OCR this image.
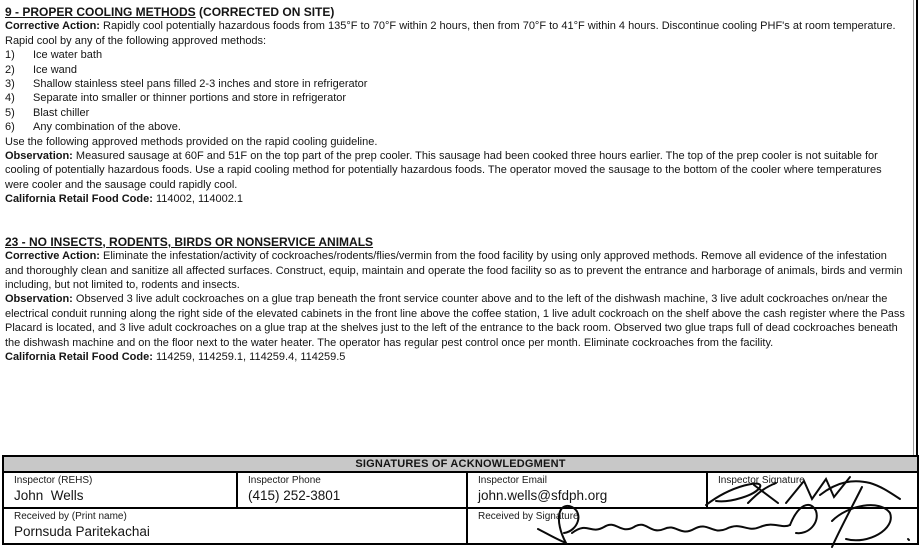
9 - PROPER COOLING METHODS (CORRECTED ON SITE)
Corrective Action: Rapidly cool potentially hazardous foods from 135°F to 70°F within 2 hours, then from 70°F to 41°F within 4 hours. Discontinue cooling PHF's at room temperature.
Rapid cool by any of the following approved methods:
1)	Ice water bath
2)	Ice wand
3)	Shallow stainless steel pans filled 2-3 inches and store in refrigerator
4)	Separate into smaller or thinner portions and store in refrigerator
5)	Blast chiller
6)	Any combination of the above.
Use the following approved methods provided on the rapid cooling guideline.
Observation: Measured sausage at 60F and 51F on the top part of the prep cooler. This sausage had been cooked three hours earlier. The top of the prep cooler is not suitable for cooling of potentially hazardous foods. Use a rapid cooling method for potentially hazardous foods. The operator moved the sausage to the bottom of the cooler where temperatures were cooler and the sausage could rapidly cool.
California Retail Food Code: 114002, 114002.1
23 - NO INSECTS, RODENTS, BIRDS OR NONSERVICE ANIMALS
Corrective Action: Eliminate the infestation/activity of cockroaches/rodents/flies/vermin from the food facility by using only approved methods. Remove all evidence of the infestation and thoroughly clean and sanitize all affected surfaces. Construct, equip, maintain and operate the food facility so as to prevent the entrance and harborage of animals, birds and vermin including, but not limited to, rodents and insects.
Observation: Observed 3 live adult cockroaches on a glue trap beneath the front service counter above and to the left of the dishwash machine, 3 live adult cockroaches on/near the electrical conduit running along the right side of the elevated cabinets in the front line above the coffee station, 1 live adult cockroach on the shelf above the cash register where the Pass Placard is located, and 3 live adult cockroaches on a glue trap at the shelves just to the left of the entrance to the back room. Observed two glue traps full of dead cockroaches beneath the dishwash machine and on the floor next to the water heater. The operator has regular pest control once per month. Eliminate cockroaches from the facility.
California Retail Food Code: 114259, 114259.1, 114259.4, 114259.5
SIGNATURES OF ACKNOWLEDGMENT
Inspector (REHS)
John  Wells
Inspector Phone
(415) 252-3801
Inspector Email
john.wells@sfdph.org
Inspector Signature
Received by (Print name)
Pornsuda Paritekachai
Received by Signature
